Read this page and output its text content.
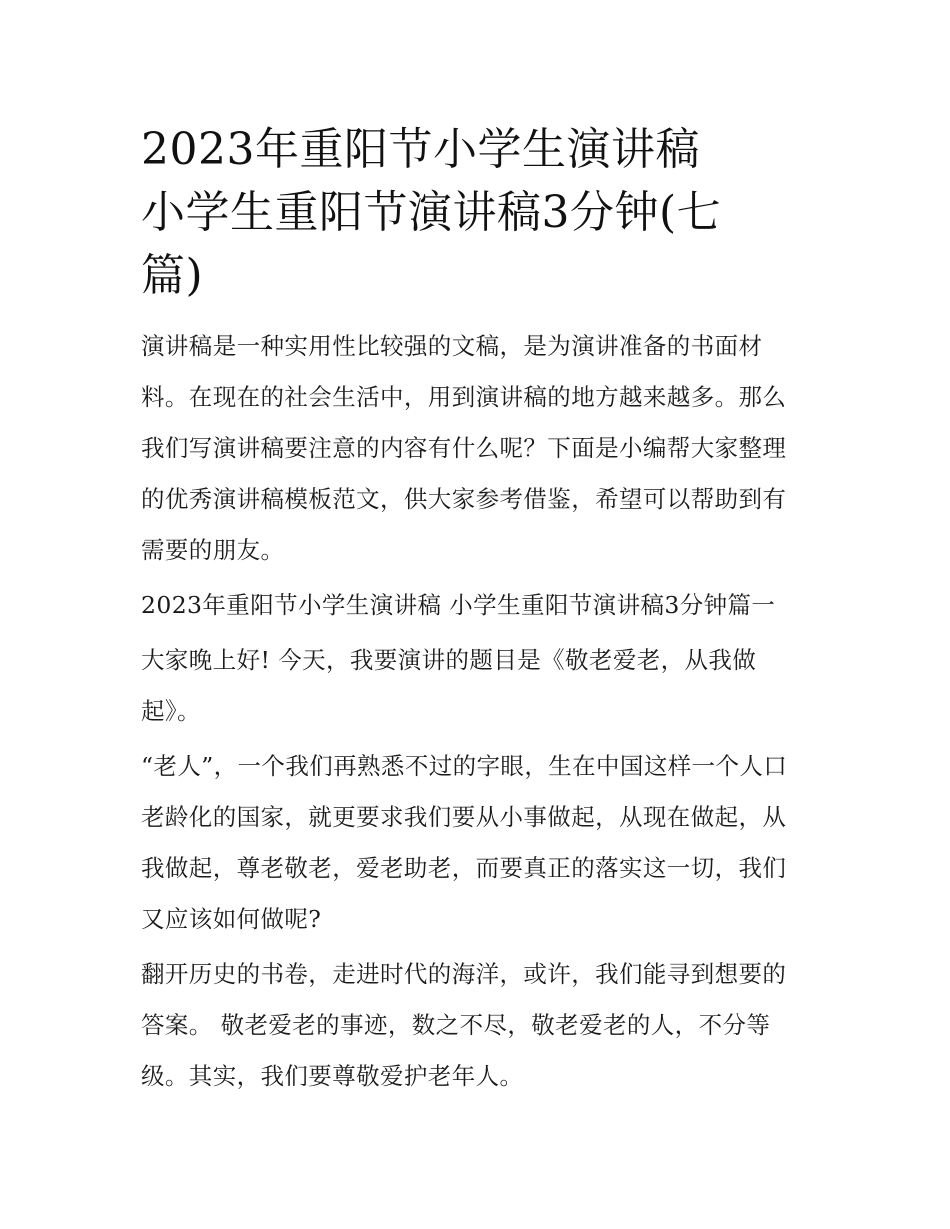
2023年重阳节小学生演讲稿
小学生重阳节演讲稿3分钟(七
篇)

演讲稿是一种实用性比较强的文稿，是为演讲准备的书面材
料。在现在的社会生活中，用到演讲稿的地方越来越多。那么
我们写演讲稿要注意的内容有什么呢？下面是小编帮大家整理
的优秀演讲稿模板范文，供大家参考借鉴，希望可以帮助到有
需要的朋友。

2023年重阳节小学生演讲稿 小学生重阳节演讲稿3分钟篇一

大家晚上好! 今天，我要演讲的题目是《敬老爱老，从我做
起》。

“老人”，一个我们再熟悉不过的字眼，生在中国这样一个人口
老龄化的国家，就更要求我们要从小事做起，从现在做起，从
我做起，尊老敬老，爱老助老，而要真正的落实这一切，我们
又应该如何做呢?

翻开历史的书卷，走进时代的海洋，或许，我们能寻到想要的
答案。 敬老爱老的事迹，数之不尽，敬老爱老的人，不分等
级。其实，我们要尊敬爱护老年人。
